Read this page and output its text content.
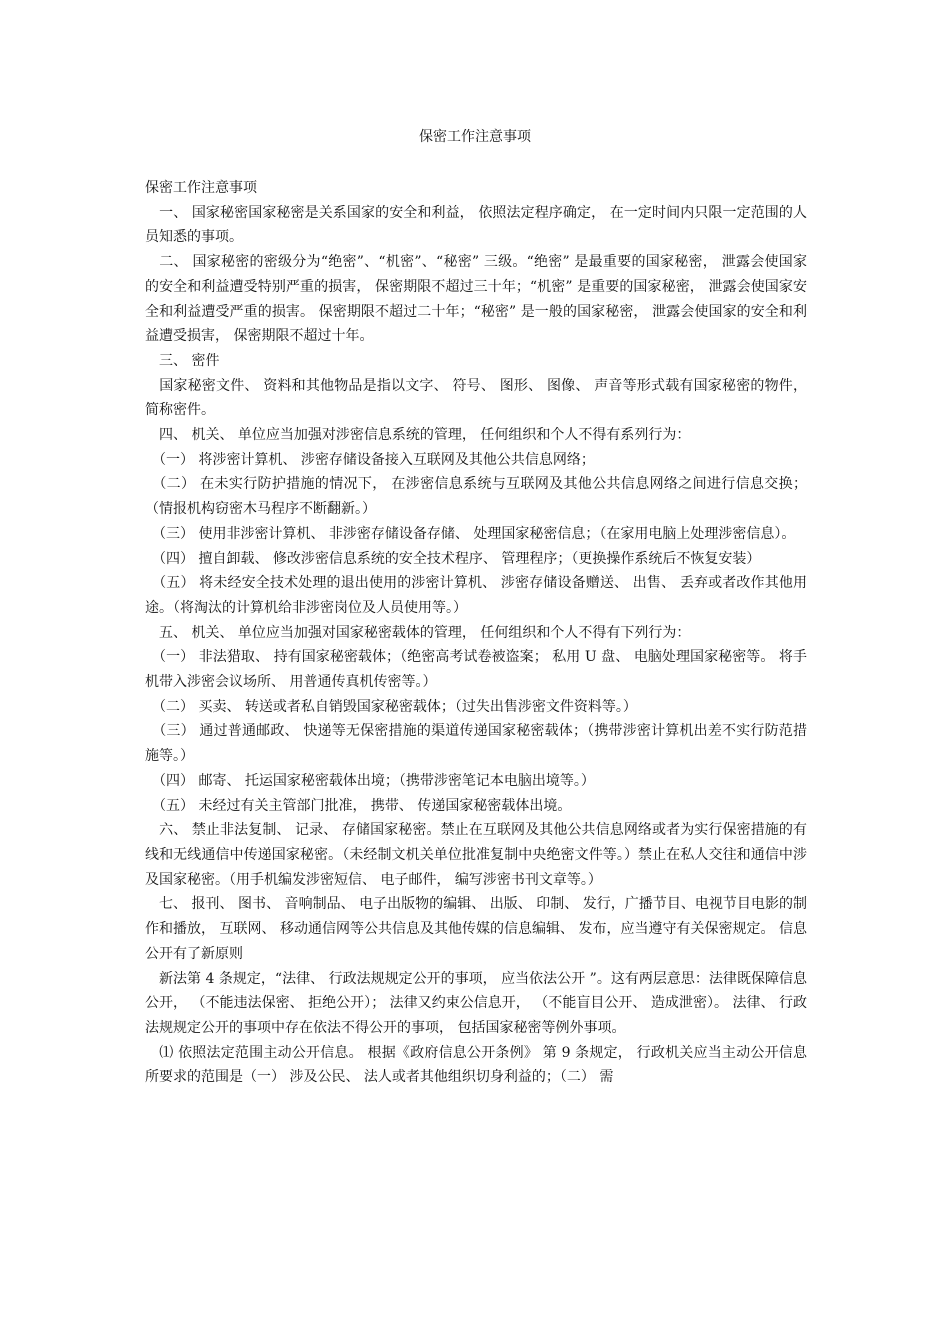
保密工作注意事项

保密工作注意事项

　一、 国家秘密国家秘密是关系国家的安全和利益， 依照法定程序确定， 在一定时间内只限一定范围的人员知悉的事项。

　二、 国家秘密的密级分为“绝密”、“机密”、“秘密” 三级。“绝密” 是最重要的国家秘密， 泄露会使国家的安全和利益遭受特别严重的损害， 保密期限不超过三十年；“机密” 是重要的国家秘密， 泄露会使国家安全和利益遭受严重的损害。 保密期限不超过二十年；“秘密” 是一般的国家秘密， 泄露会使国家的安全和利益遭受损害， 保密期限不超过十年。

　三、 密件

　国家秘密文件、 资料和其他物品是指以文字、 符号、 图形、 图像、 声音等形式载有国家秘密的物件， 简称密件。

　四、 机关、 单位应当加强对涉密信息系统的管理， 任何组织和个人不得有系列行为：

　（一） 将涉密计算机、 涉密存储设备接入互联网及其他公共信息网络；

　（二） 在未实行防护措施的情况下， 在涉密信息系统与互联网及其他公共信息网络之间进行信息交换；（情报机构窃密木马程序不断翻新。）

　（三） 使用非涉密计算机、 非涉密存储设备存储、 处理国家秘密信息；（在家用电脑上处理涉密信息）。

　（四） 擅自卸载、 修改涉密信息系统的安全技术程序、 管理程序；（更换操作系统后不恢复安装）

　（五） 将未经安全技术处理的退出使用的涉密计算机、 涉密存储设备赠送、 出售、 丢弃或者改作其他用途。（将淘汰的计算机给非涉密岗位及人员使用等。）

　五、 机关、 单位应当加强对国家秘密载体的管理， 任何组织和个人不得有下列行为：

　（一） 非法猎取、 持有国家秘密载体；（绝密高考试卷被盗案； 私用 U 盘、 电脑处理国家秘密等。 将手机带入涉密会议场所、 用普通传真机传密等。）

　（二） 买卖、 转送或者私自销毁国家秘密载体；（过失出售涉密文件资料等。）

　（三） 通过普通邮政、 快递等无保密措施的渠道传递国家秘密载体；（携带涉密计算机出差不实行防范措施等。）

　（四） 邮寄、 托运国家秘密载体出境；（携带涉密笔记本电脑出境等。）

　（五） 未经过有关主管部门批准， 携带、 传递国家秘密载体出境。

　六、 禁止非法复制、 记录、 存储国家秘密。禁止在互联网及其他公共信息网络或者为实行保密措施的有线和无线通信中传递国家秘密。（未经制文机关单位批准复制中央绝密文件等。）禁止在私人交往和通信中涉及国家秘密。（用手机编发涉密短信、 电子邮件， 编写涉密书刊文章等。）

　七、 报刊、 图书、 音响制品、 电子出版物的编辑、 出版、 印制、 发行，广播节目、电视节目电影的制作和播放， 互联网、 移动通信网等公共信息及其他传媒的信息编辑、 发布，应当遵守有关保密规定。 信息公开有了新原则

　新法第 4 条规定，“法律、 行政法规规定公开的事项， 应当依法公开 ”。这有两层意思：法律既保障信息公开， （不能违法保密、 拒绝公开）； 法律又约束公信息开， （不能盲目公开、 造成泄密）。 法律、 行政法规规定公开的事项中存在依法不得公开的事项， 包括国家秘密等例外事项。

　⑴ 依照法定范围主动公开信息。 根据《政府信息公开条例》 第 9 条规定， 行政机关应当主动公开信息所要求的范围是（一） 涉及公民、 法人或者其他组织切身利益的；（二） 需
